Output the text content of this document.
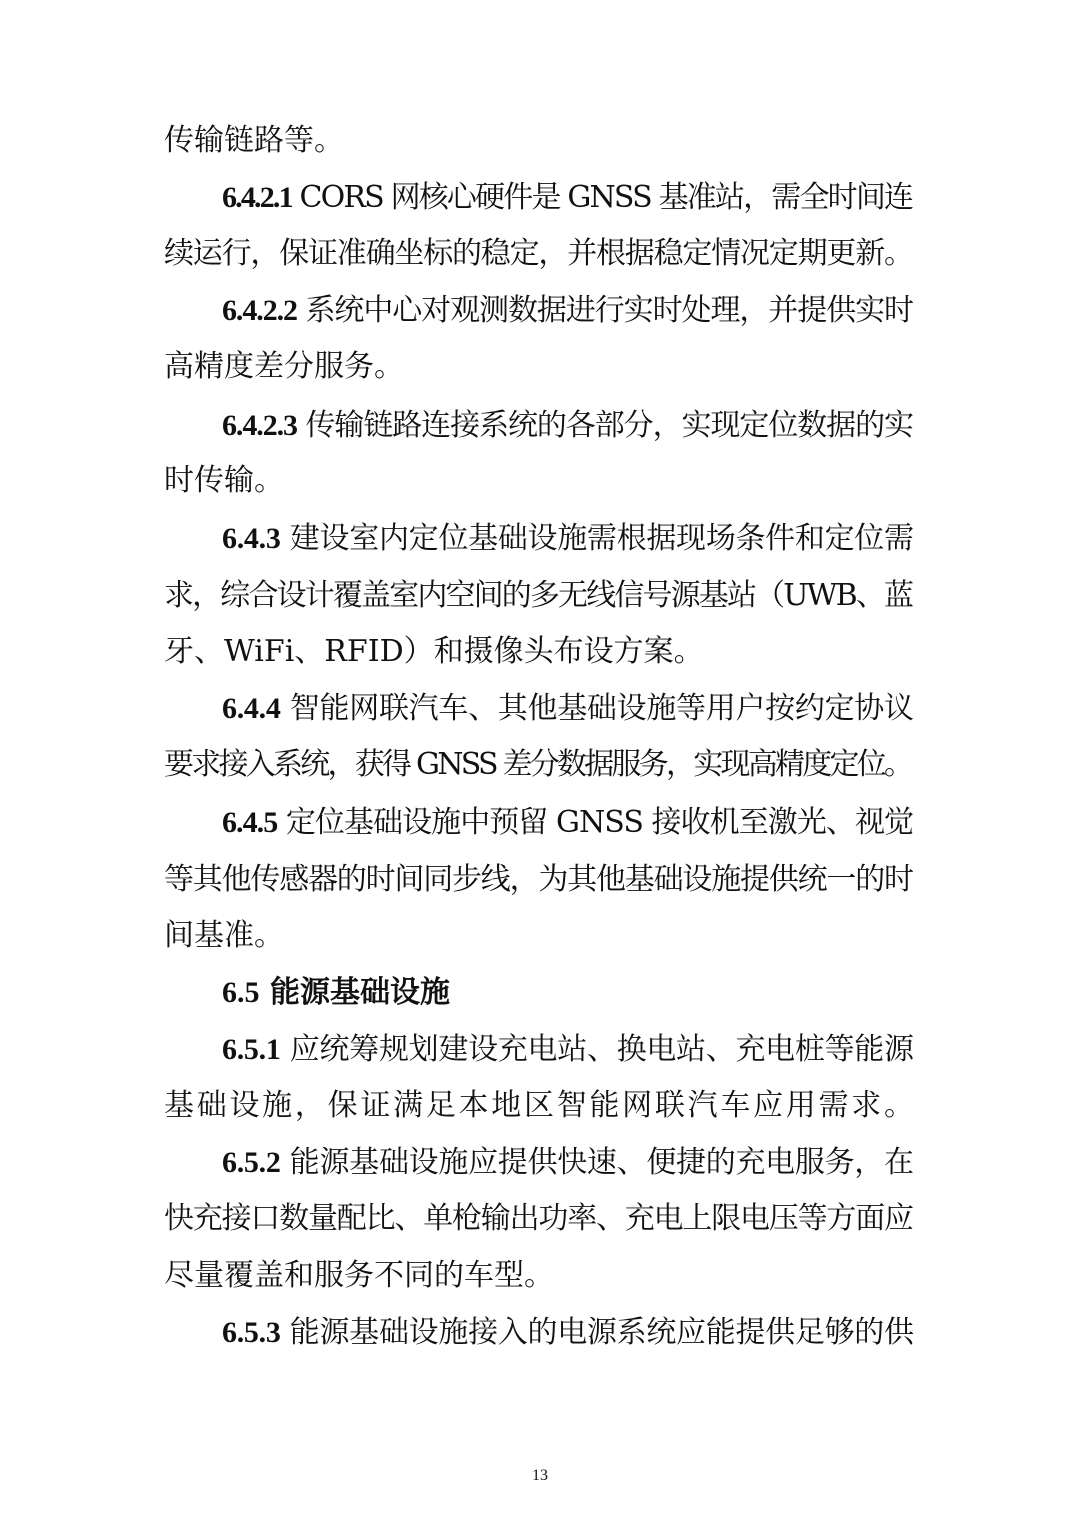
传输链路等。
6.4.2.1 CORS 网核心硬件是 GNSS 基准站，需全时间连
续运行，保证准确坐标的稳定，并根据稳定情况定期更新。
6.4.2.2 系统中心对观测数据进行实时处理，并提供实时
高精度差分服务。
6.4.2.3 传输链路连接系统的各部分，实现定位数据的实
时传输。
6.4.3 建设室内定位基础设施需根据现场条件和定位需
求，综合设计覆盖室内空间的多无线信号源基站（UWB、蓝
牙、WiFi、RFID）和摄像头布设方案。
6.4.4 智能网联汽车、其他基础设施等用户按约定协议
要求接入系统，获得 GNSS 差分数据服务，实现高精度定位。
6.4.5 定位基础设施中预留 GNSS 接收机至激光、视觉
等其他传感器的时间同步线，为其他基础设施提供统一的时
间基准。
6.5 能源基础设施
6.5.1 应统筹规划建设充电站、换电站、充电桩等能源
基础设施，保证满足本地区智能网联汽车应用需求。
6.5.2 能源基础设施应提供快速、便捷的充电服务，在
快充接口数量配比、单枪输出功率、充电上限电压等方面应
尽量覆盖和服务不同的车型。
6.5.3 能源基础设施接入的电源系统应能提供足够的供
13
